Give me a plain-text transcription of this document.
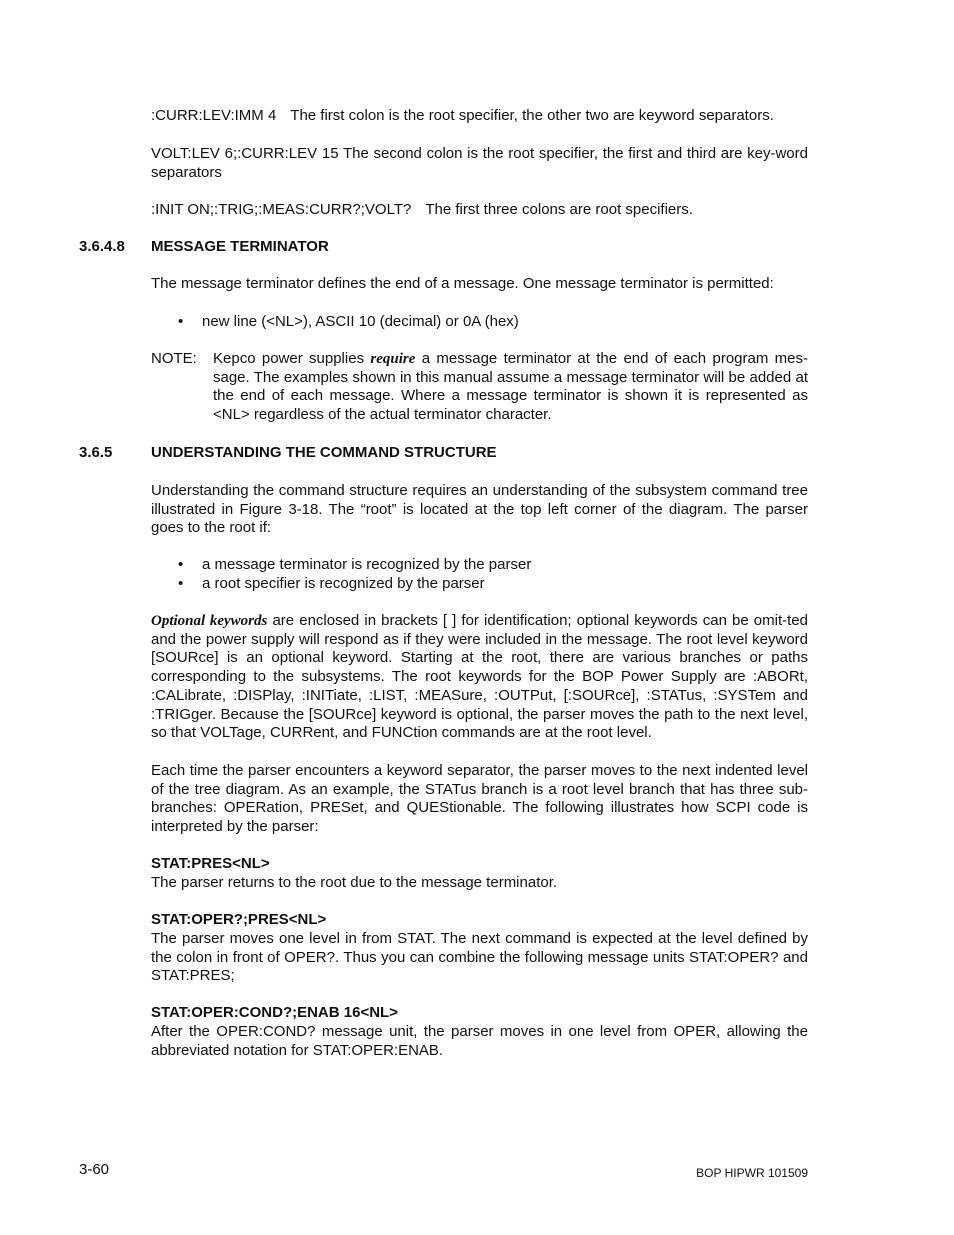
:CURR:LEV:IMM 4 The first colon is the root specifier, the other two are keyword separators.
VOLT:LEV 6;:CURR:LEV 15 The second colon is the root specifier, the first and third are key-word separators
:INIT ON;:TRIG;:MEAS:CURR?;VOLT? The first three colons are root specifiers.
3.6.4.8 MESSAGE TERMINATOR
The message terminator defines the end of a message. One message terminator is permitted:
• new line (<NL>), ASCII 10 (decimal) or 0A (hex)
NOTE: Kepco power supplies require a message terminator at the end of each program mes-sage. The examples shown in this manual assume a message terminator will be added at the end of each message. Where a message terminator is shown it is represented as <NL> regardless of the actual terminator character.
3.6.5	UNDERSTANDING THE COMMAND STRUCTURE
Understanding the command structure requires an understanding of the subsystem command tree illustrated in Figure 3-18. The “root” is located at the top left corner of the diagram. The parser goes to the root if:
• a message terminator is recognized by the parser
• a root specifier is recognized by the parser
Optional keywords are enclosed in brackets [ ] for identification; optional keywords can be omit-ted and the power supply will respond as if they were included in the message. The root level keyword [SOURce] is an optional keyword. Starting at the root, there are various branches or paths corresponding to the subsystems. The root keywords for the BOP Power Supply are :ABORt, :CALibrate, :DISPlay, :INITiate, :LIST, :MEASure, :OUTPut, [:SOURce], :STATus, :SYSTem and :TRIGger. Because the [SOURce] keyword is optional, the parser moves the path to the next level, so that VOLTage, CURRent, and FUNCtion commands are at the root level.
Each time the parser encounters a keyword separator, the parser moves to the next indented level of the tree diagram. As an example, the STATus branch is a root level branch that has three sub-branches: OPERation, PRESet, and QUEStionable. The following illustrates how SCPI code is interpreted by the parser:
STAT:PRES<NL>
The parser returns to the root due to the message terminator.
STAT:OPER?;PRES<NL>
The parser moves one level in from STAT. The next command is expected at the level defined by the colon in front of OPER?. Thus you can combine the following message units STAT:OPER? and STAT:PRES;
STAT:OPER:COND?;ENAB 16<NL>
After the OPER:COND? message unit, the parser moves in one level from OPER, allowing the abbreviated notation for STAT:OPER:ENAB.
3-60	BOP HIPWR 101509
